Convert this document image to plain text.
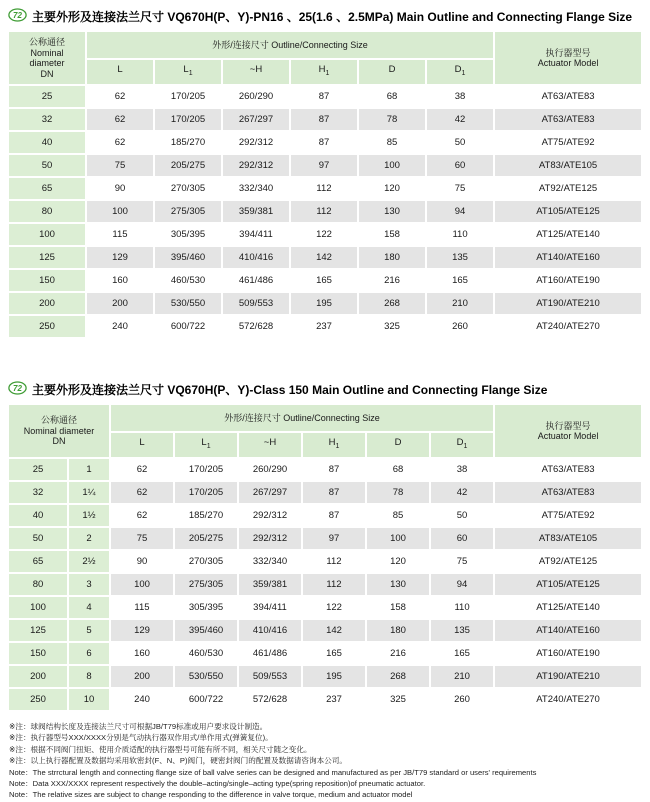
72 主要外形及连接法兰尺寸 VQ670H(P、Y)-PN16 、25(1.6 、2.5MPa) Main Outline and Connecting Flange Size
公称通径
Nominal
diameter
DN
	外形/连接尺寸 Outline/Connecting Size	
执行器型号
Actuator Model

	L	$L_1$	~H	$H_1$	D	$D_1$
25	62	170/205	260/290	87	68	38	AT63/ATE83
32	62	170/205	267/297	87	78	42	AT63/ATE83
40	62	185/270	292/312	87	85	50	AT75/ATE92
50	75	205/275	292/312	97	100	60	AT83/ATE105
65	90	270/305	332/340	112	120	75	AT92/ATE125
80	100	275/305	359/381	112	130	94	AT105/ATE125
100	115	305/395	394/411	122	158	110	AT125/ATE140
125	129	395/460	410/416	142	180	135	AT140/ATE160
150	160	460/530	461/486	165	216	165	AT160/ATE190
200	200	530/550	509/553	195	268	210	AT190/ATE210
250	240	600/722	572/628	237	325	260	AT240/ATE270
72 主要外形及连接法兰尺寸 VQ670H(P、Y)-Class 150 Main Outline and Connecting Flange Size
公称通径
Nominal diameter
DN
	外形/连接尺寸 Outline/Connecting Size	
执行器型号
Actuator Model

		L	$L_1$	~H	$H_1$	D	$D_1$
25	1	62	170/205	260/290	87	68	38	AT63/ATE83
32	1¼	62	170/205	267/297	87	78	42	AT63/ATE83
40	1½	62	185/270	292/312	87	85	50	AT75/ATE92
50	2	75	205/275	292/312	97	100	60	AT83/ATE105
65	2½	90	270/305	332/340	112	120	75	AT92/ATE125
80	3	100	275/305	359/381	112	130	94	AT105/ATE125
100	4	115	305/395	394/411	122	158	110	AT125/ATE140
125	5	129	395/460	410/416	142	180	135	AT140/ATE160
150	6	160	460/530	461/486	165	216	165	AT160/ATE190
200	8	200	530/550	509/553	195	268	210	AT190/ATE210
250	10	240	600/722	572/628	237	325	260	AT240/ATE270
※注：球阀结构长度及连接法兰尺寸可根据JB/T79标准或用户要求设计制造。
※注：执行器型号XXX/XXXX分别是气动执行器双作用式/单作用式(弹簧复位)。
※注：根据不同阀门扭矩、使用介质适配的执行器型号可能有所不同，相关尺寸随之变化。
※注：以上执行器配置及数据均采用软密封(F、N、P)阀门，硬密封阀门的配置及数据请咨询本公司。
Note：The strrctural length and connecting flange size of ball valve series can be designed and manufactured as per JB/T79 standard or users' requirements
Note：Data XXX/XXXX represent respectively the double–acting/single–acting type(spring reposition)of pneumatic actuator.
Note：The relative sizes are subject to change responding to the difference in valve torque, medium and actuator model
